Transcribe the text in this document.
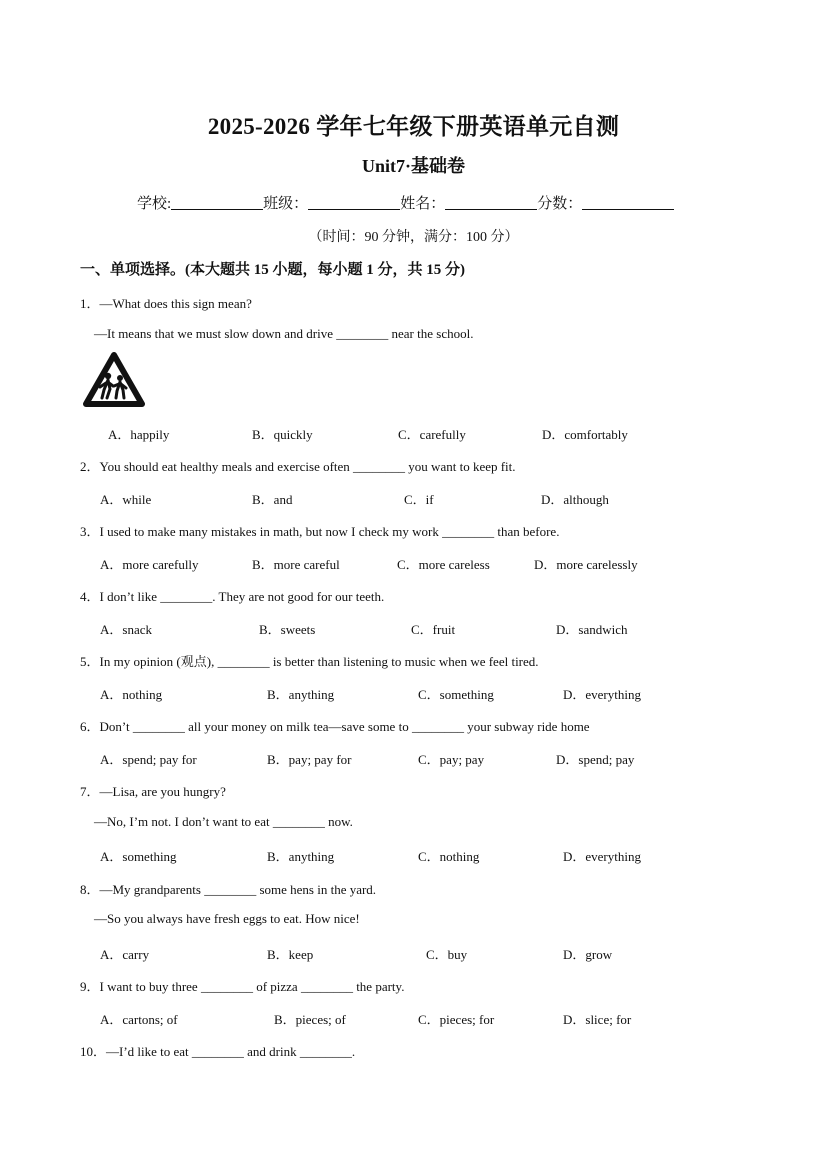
2025-2026 学年七年级下册英语单元自测
Unit7·基础卷
学校:	班级：	姓名：	分数：
（时间：90 分钟，满分：100 分）
一、单项选择。(本大题共 15 小题，每小题 1 分，共 15 分)
1．—What does this sign mean?
—It means that we must slow down and drive ________ near the school.
A．happily	B．quickly	C．carefully	D．comfortably
2．You should eat healthy meals and exercise often ________ you want to keep fit.
A．while	B．and	C．if	D．although
3．I used to make many mistakes in math, but now I check my work ________ than before.
A．more carefully	B．more careful	C．more careless	D．more carelessly
4．I don’t like ________. They are not good for our teeth.
A．snack	B．sweets	C．fruit	D．sandwich
5．In my opinion (观点), ________ is better than listening to music when we feel tired.
A．nothing	B．anything	C．something	D．everything
6．Don’t ________ all your money on milk tea—save some to ________ your subway ride home
A．spend; pay for	B．pay; pay for	C．pay; pay	D．spend; pay
7．—Lisa, are you hungry?
—No, I’m not. I don’t want to eat ________ now.
A．something	B．anything	C．nothing	D．everything
8．—My grandparents ________ some hens in the yard.
—So you always have fresh eggs to eat. How nice!
A．carry	B．keep	C．buy	D．grow
9．I want to buy three ________ of pizza ________ the party.
A．cartons; of	B．pieces; of	C．pieces; for	D．slice; for
10．—I’d like to eat ________ and drink ________.
